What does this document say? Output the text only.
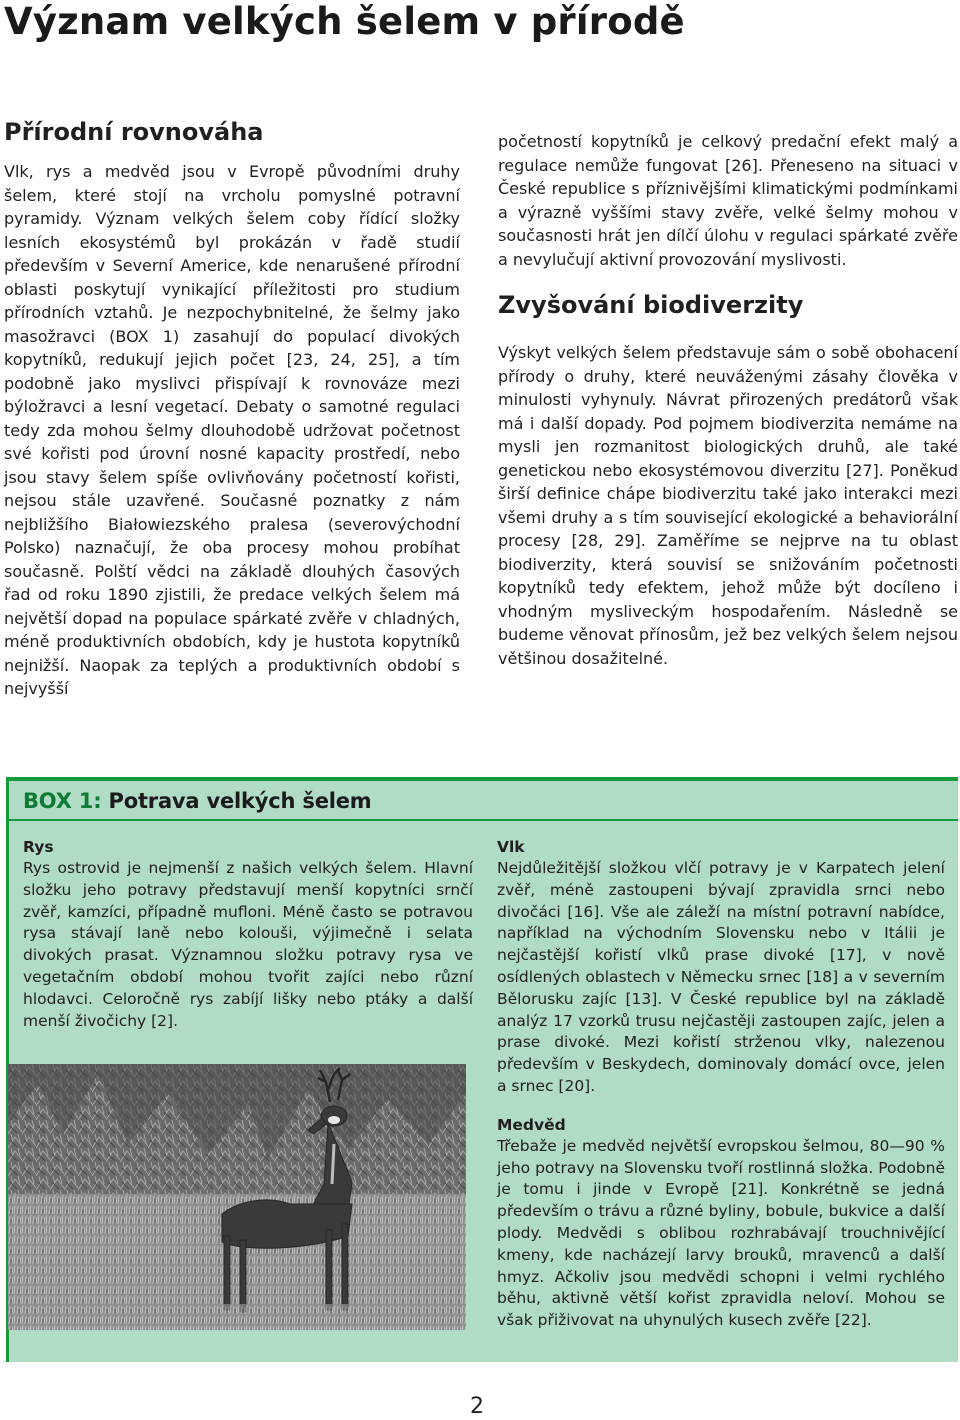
Význam velkých šelem v přírodě
Přírodní rovnováha

Vlk, rys a medvěd jsou v Evropě původními druhy šelem, které stojí na vrcholu pomyslné potravní pyramidy. Význam velkých šelem coby řídící složky lesních ekosystémů byl prokázán v řadě studií především v Severní Americe, kde nenarušené přírodní oblasti poskytují vynikající příležitosti pro studium přírodních vztahů. Je nezpochybnitelné, že šelmy jako masožravci (BOX 1) zasahují do populací divokých kopytníků, redukují jejich počet [23, 24, 25], a tím podobně jako myslivci přispívají k rovnováze mezi býložravci a lesní vegetací. Debaty o samotné regulaci tedy zda mohou šelmy dlouhodobě udržovat početnost své kořisti pod úrovní nosné kapacity prostředí, nebo jsou stavy šelem spíše ovlivňovány početností kořisti, nejsou stále uzavřené. Současné poznatky z nám nejbližšího Białowiezského pralesa (severovýchodní Polsko) naznačují, že oba procesy mohou probíhat současně. Polští vědci na základě dlouhých časových řad od roku 1890 zjistili, že predace velkých šelem má největší dopad na populace spárkaté zvěře v chladných, méně produktivních obdobích, kdy je hustota kopytníků nejnižší. Naopak za teplých a produktivních období s nejvyšší

početností kopytníků je celkový predační efekt malý a regulace nemůže fungovat [26]. Přeneseno na situaci v České republice s příznivějšími klimatickými podmínkami a výrazně vyššími stavy zvěře, velké šelmy mohou v současnosti hrát jen dílčí úlohu v regulaci spárkaté zvěře a nevylučují aktivní provozování myslivosti.

Zvyšování biodiverzity

Výskyt velkých šelem představuje sám o sobě obohacení přírody o druhy, které neuváženými zásahy člověka v minulosti vyhynuly. Návrat přirozených predátorů však má i další dopady. Pod pojmem biodiverzita nemáme na mysli jen rozmanitost biologických druhů, ale také genetickou nebo ekosystémovou diverzitu [27]. Poněkud širší definice chápe biodiverzitu také jako interakci mezi všemi druhy a s tím související ekologické a behaviorální procesy [28, 29]. Zaměříme se nejprve na tu oblast biodiverzity, která souvisí se snižováním početnosti kopytníků tedy efektem, jehož může být docíleno i vhodným mysliveckým hospodařením. Následně se budeme věnovat přínosům, jež bez velkých šelem nejsou většinou dosažitelné.

BOX 1: Potrava velkých šelem

Rys

Rys ostrovid je nejmenší z našich velkých šelem. Hlavní složku jeho potravy představují menší kopytníci srnčí zvěř, kamzíci, případně mufloni. Méně často se potravou rysa stávají laně nebo kolouši, výjimečně i selata divokých prasat. Významnou složku potravy rysa ve vegetačním období mohou tvořit zajíci nebo různí hlodavci. Celoročně rys zabíjí lišky nebo ptáky a další menší živočichy [2].

Vlk

Nejdůležitější složkou vlčí potravy je v Karpatech jelení zvěř, méně zastoupeni bývají zpravidla srnci nebo divočáci [16]. Vše ale záleží na místní potravní nabídce, například na východním Slovensku nebo v Itálii je nejčastější kořistí vlků prase divoké [17], v nově osídlených oblastech v Německu srnec [18] a v severním Bělorusku zajíc [13]. V České republice byl na základě analýz 17 vzorků trusu nejčastěji zastoupen zajíc, jelen a prase divoké. Mezi kořistí strženou vlky, nalezenou především v Beskydech, dominovaly domácí ovce, jelen a srnec [20].

Medvěd

Třebaže je medvěd největší evropskou šelmou, 80—90 % jeho potravy na Slovensku tvoří rostlinná složka. Podobně je tomu i jinde v Evropě [21]. Konkrétně se jedná především o trávu a různé byliny, bobule, bukvice a další plody. Medvědi s oblibou rozhrabávají trouchnivějící kmeny, kde nacházejí larvy brouků, mravenců a další hmyz. Ačkoliv jsou medvědi schopni i velmi rychlého běhu, aktivně větší kořist zpravidla neloví. Mohou se však přiživovat na uhynulých kusech zvěře [22].

2
